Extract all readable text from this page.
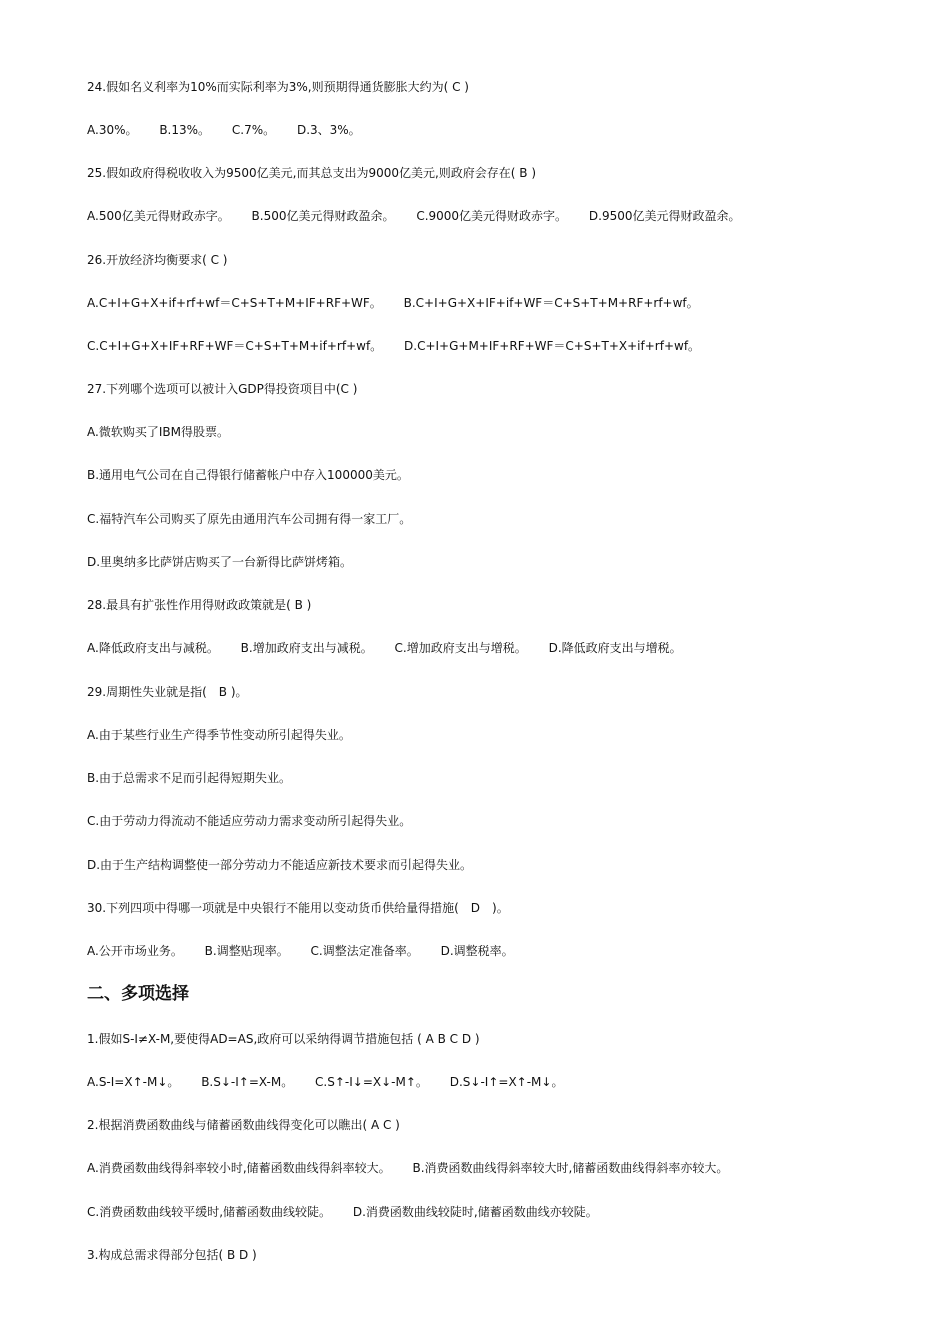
24.假如名义利率为10%而实际利率为3%,则预期得通货膨胀大约为( C )

A.30%。 B.13%。 C.7%。 D.3、3%。

25.假如政府得税收收入为9500亿美元,而其总支出为9000亿美元,则政府会存在( B )

A.500亿美元得财政赤字。 B.500亿美元得财政盈余。 C.9000亿美元得财政赤字。 D.9500亿美元得财政盈余。

26.开放经济均衡要求( C )

A.C+I+G+X+if+rf+wf＝C+S+T+M+IF+RF+WF。 B.C+I+G+X+IF+if+WF＝C+S+T+M+RF+rf+wf。

C.C+I+G+X+IF+RF+WF＝C+S+T+M+if+rf+wf。 D.C+I+G+M+IF+RF+WF＝C+S+T+X+if+rf+wf。

27.下列哪个选项可以被计入GDP得投资项目中(C )

A.微软购买了IBM得股票。

B.通用电气公司在自己得银行储蓄帐户中存入100000美元。

C.福特汽车公司购买了原先由通用汽车公司拥有得一家工厂。

D.里奥纳多比萨饼店购买了一台新得比萨饼烤箱。

28.最具有扩张性作用得财政政策就是( B )

A.降低政府支出与减税。 B.增加政府支出与减税。 C.增加政府支出与增税。 D.降低政府支出与增税。

29.周期性失业就是指(　B )。

A.由于某些行业生产得季节性变动所引起得失业。

B.由于总需求不足而引起得短期失业。

C.由于劳动力得流动不能适应劳动力需求变动所引起得失业。

D.由于生产结构调整使一部分劳动力不能适应新技术要求而引起得失业。

30.下列四项中得哪一项就是中央银行不能用以变动货币供给量得措施(　D　)。

A.公开市场业务。 B.调整贴现率。 C.调整法定准备率。 D.调整税率。

二、多项选择

1.假如S-I≠X-M,要使得AD=AS,政府可以采纳得调节措施包括 ( A B C D )

A.S-I=X↑-M↓。 B.S↓-I↑=X-M。 C.S↑-I↓=X↓-M↑。 D.S↓-I↑=X↑-M↓。

2.根据消费函数曲线与储蓄函数曲线得变化可以瞧出( A C )

A.消费函数曲线得斜率较小时,储蓄函数曲线得斜率较大。 B.消费函数曲线得斜率较大时,储蓄函数曲线得斜率亦较大。

C.消费函数曲线较平缓时,储蓄函数曲线较陡。 D.消费函数曲线较陡时,储蓄函数曲线亦较陡。

3.构成总需求得部分包括( B D )
